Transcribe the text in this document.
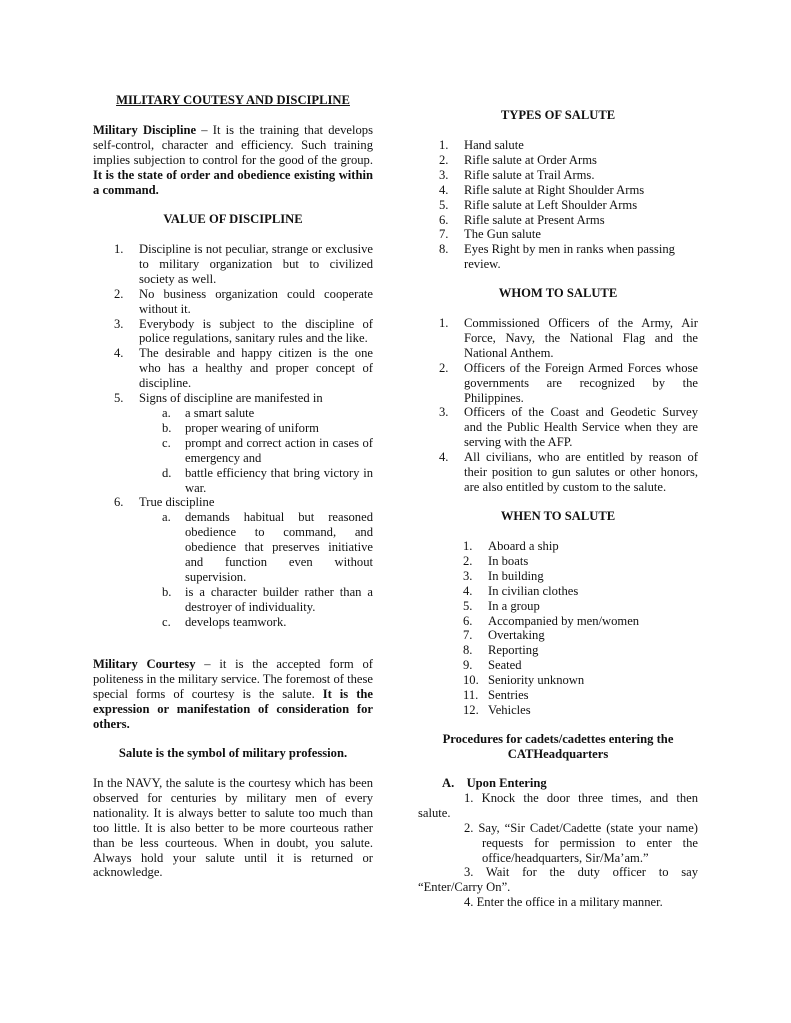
MILITARY COUTESY AND DISCIPLINE
Military Discipline – It is the training that develops self-control, character and efficiency. Such training implies subjection to control for the good of the group. It is the state of order and obedience existing within a command.
VALUE OF DISCIPLINE
1. Discipline is not peculiar, strange or exclusive to military organization but to civilized society as well.
2. No business organization could cooperate without it.
3. Everybody is subject to the discipline of police regulations, sanitary rules and the like.
4. The desirable and happy citizen is the one who has a healthy and proper concept of discipline.
5. Signs of discipline are manifested in
a. a smart salute
b. proper wearing of uniform
c. prompt and correct action in cases of emergency and
d. battle efficiency that bring victory in war.
6. True discipline
a. demands habitual but reasoned obedience to command, and obedience that preserves initiative and function even without supervision.
b. is a character builder rather than a destroyer of individuality.
c. develops teamwork.
Military Courtesy – it is the accepted form of politeness in the military service. The foremost of these special forms of courtesy is the salute. It is the expression or manifestation of consideration for others.
Salute is the symbol of military profession.
In the NAVY, the salute is the courtesy which has been observed for centuries by military men of every nationality. It is always better to salute too much than too little. It is also better to be more courteous rather than be less courteous. When in doubt, you salute. Always hold your salute until it is returned or acknowledge.
TYPES OF SALUTE
1. Hand salute
2. Rifle salute at Order Arms
3. Rifle salute at Trail Arms.
4. Rifle salute at Right Shoulder Arms
5. Rifle salute at Left Shoulder Arms
6. Rifle salute at Present Arms
7. The Gun salute
8. Eyes Right by men in ranks when passing review.
WHOM TO SALUTE
1. Commissioned Officers of the Army, Air Force, Navy, the National Flag and the National Anthem.
2. Officers of the Foreign Armed Forces whose governments are recognized by the Philippines.
3. Officers of the Coast and Geodetic Survey and the Public Health Service when they are serving with the AFP.
4. All civilians, who are entitled by reason of their position to gun salutes or other honors, are also entitled by custom to the salute.
WHEN TO SALUTE
1. Aboard a ship
2. In boats
3. In building
4. In civilian clothes
5. In a group
6. Accompanied by men/women
7. Overtaking
8. Reporting
9. Seated
10. Seniority unknown
11. Sentries
12. Vehicles
Procedures for cadets/cadettes entering the CATHeadquarters
A. Upon Entering
1. Knock the door three times, and then salute.
2. Say, “Sir Cadet/Cadette (state your name) requests for permission to enter the office/headquarters, Sir/Ma’am.”
3. Wait for the duty officer to say “Enter/Carry On”.
4. Enter the office in a military manner.
